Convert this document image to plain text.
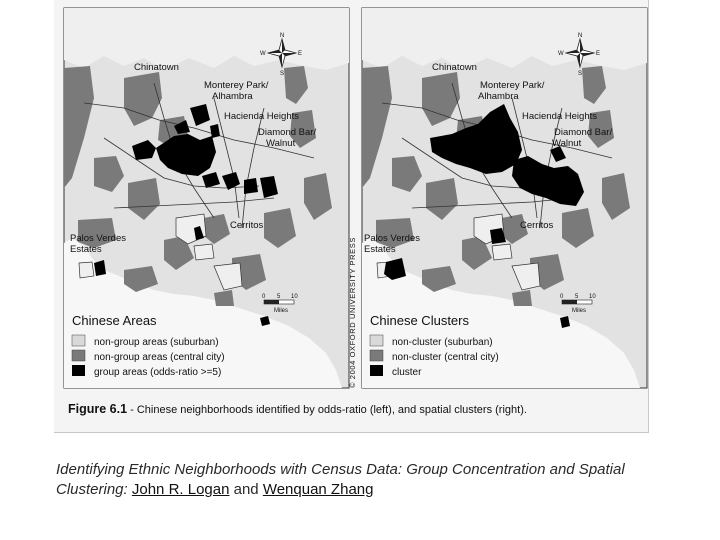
Chinatown
Monterey Park/
Alhambra
Hacienda Heights
Diamond Bar/
Walnut
Cerritos
Palos Verdes
Estates
N
S
E
W
0 5 10
Miles
Chinese Areas
non-group areas (suburban)
non-group areas (central city)
group areas (odds-ratio >=5)	© 2004 OXFORD UNIVERSITY PRESS
Chinatown
Monterey Park/
Alhambra
Hacienda Heights
Diamond Bar/
Walnut
Cerritos
Palos Verdes
Estates
N
S
E
W
0 5 10
Miles
Chinese Clusters
non-cluster (suburban)
non-cluster (central city)
cluster
Figure 6.1 - Chinese neighborhoods identified by odds-ratio (left), and spatial clusters (right).
Identifying Ethnic Neighborhoods with Census Data: Group Concentration and Spatial Clustering: John R. Logan and Wenquan Zhang
